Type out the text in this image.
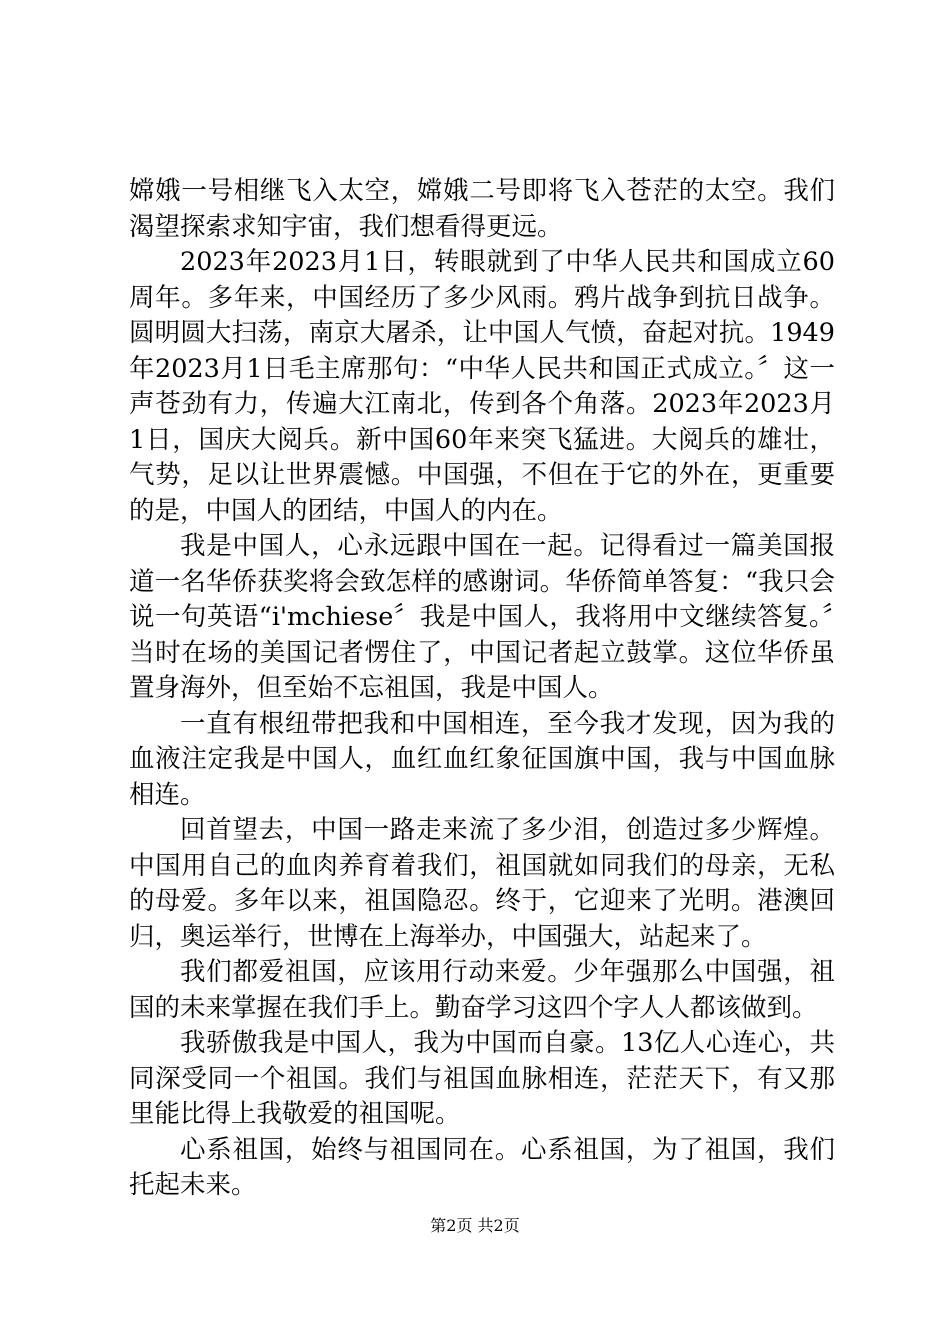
嫦娥一号相继飞入太空，嫦娥二号即将飞入苍茫的太空。我们渴望探索求知宇宙，我们想看得更远。

2023年2023月1日，转眼就到了中华人民共和国成立60周年。多年来，中国经历了多少风雨。鸦片战争到抗日战争。圆明圆大扫荡，南京大屠杀，让中国人气愤，奋起对抗。1949年2023月1日毛主席那句：“中华人民共和国正式成立。〞这一声苍劲有力，传遍大江南北，传到各个角落。2023年2023月1日，国庆大阅兵。新中国60年来突飞猛进。大阅兵的雄壮，气势，足以让世界震憾。中国强，不但在于它的外在，更重要的是，中国人的团结，中国人的内在。

我是中国人，心永远跟中国在一起。记得看过一篇美国报道一名华侨获奖将会致怎样的感谢词。华侨简单答复：“我只会说一句英语“i'mchiese〞我是中国人，我将用中文继续答复。〞当时在场的美国记者愣住了，中国记者起立鼓掌。这位华侨虽置身海外，但至始不忘祖国，我是中国人。

一直有根纽带把我和中国相连，至今我才发现，因为我的血液注定我是中国人，血红血红象征国旗中国，我与中国血脉相连。

回首望去，中国一路走来流了多少泪，创造过多少辉煌。中国用自己的血肉养育着我们，祖国就如同我们的母亲，无私的母爱。多年以来，祖国隐忍。终于，它迎来了光明。港澳回归，奥运举行，世博在上海举办，中国强大，站起来了。

我们都爱祖国，应该用行动来爱。少年强那么中国强，祖国的未来掌握在我们手上。勤奋学习这四个字人人都该做到。

我骄傲我是中国人，我为中国而自豪。13亿人心连心，共同深受同一个祖国。我们与祖国血脉相连，茫茫天下，有又那里能比得上我敬爱的祖国呢。

心系祖国，始终与祖国同在。心系祖国，为了祖国，我们托起未来。

第2页 共2页
